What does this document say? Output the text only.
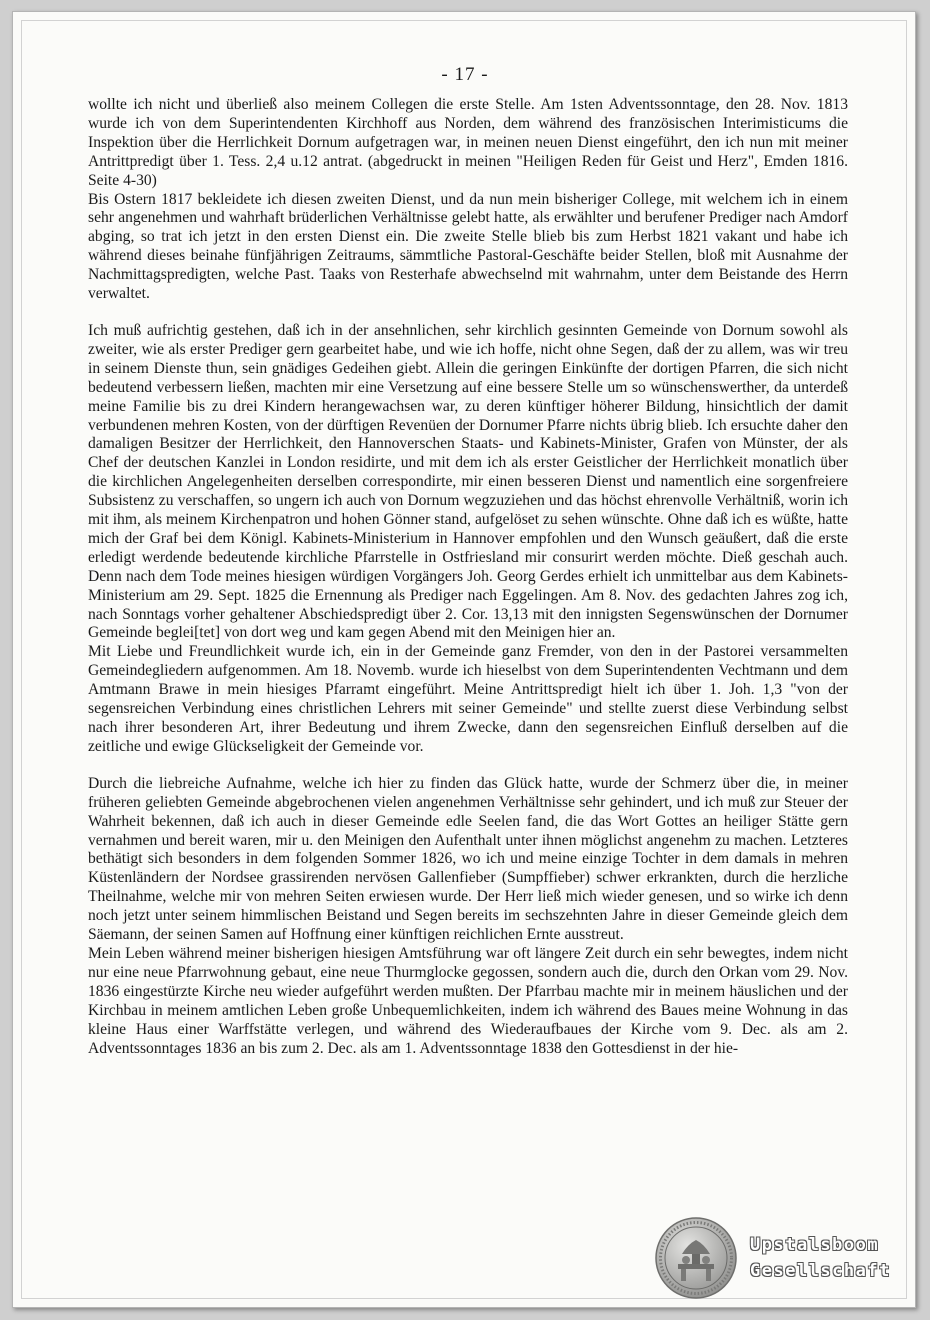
- 17 -

wollte ich nicht und überließ also meinem Collegen die erste Stelle. Am 1sten Adventssonntage, den 28. Nov. 1813 wurde ich von dem Superintendenten Kirchhoff aus Norden, dem während des französischen Interimisticums die Inspektion über die Herrlichkeit Dornum aufgetragen war, in meinen neuen Dienst eingeführt, den ich nun mit meiner Antrittpredigt über 1. Tess. 2,4 u.12 antrat. (abgedruckt in meinen "Heiligen Reden für Geist und Herz", Emden 1816. Seite 4-30)

Bis Ostern 1817 bekleidete ich diesen zweiten Dienst, und da nun mein bisheriger College, mit welchem ich in einem sehr angenehmen und wahrhaft brüderlichen Verhältnisse gelebt hatte, als erwählter und berufener Prediger nach Amdorf abging, so trat ich jetzt in den ersten Dienst ein. Die zweite Stelle blieb bis zum Herbst 1821 vakant und habe ich während dieses beinahe fünfjährigen Zeitraums, sämmtliche Pastoral-Geschäfte beider Stellen, bloß mit Ausnahme der Nachmittagspredigten, welche Past. Taaks von Resterhafe abwechselnd mit wahrnahm, unter dem Beistande des Herrn verwaltet.

Ich muß aufrichtig gestehen, daß ich in der ansehnlichen, sehr kirchlich gesinnten Gemeinde von Dornum sowohl als zweiter, wie als erster Prediger gern gearbeitet habe, und wie ich hoffe, nicht ohne Segen, daß der zu allem, was wir treu in seinem Dienste thun, sein gnädiges Gedeihen giebt. Allein die geringen Einkünfte der dortigen Pfarren, die sich nicht bedeutend verbessern ließen, machten mir eine Versetzung auf eine bessere Stelle um so wünschenswerther, da unterdeß meine Familie bis zu drei Kindern herangewachsen war, zu deren künftiger höherer Bildung, hinsichtlich der damit verbundenen mehren Kosten, von der dürftigen Revenüen der Dornumer Pfarre nichts übrig blieb. Ich ersuchte daher den damaligen Besitzer der Herrlichkeit, den Hannoverschen Staats- und Kabinets-Minister, Grafen von Münster, der als Chef der deutschen Kanzlei in London residirte, und mit dem ich als erster Geistlicher der Herrlichkeit monatlich über die kirchlichen Angelegenheiten derselben correspondirte, mir einen besseren Dienst und namentlich eine sorgenfreiere Subsistenz zu verschaffen, so ungern ich auch von Dornum wegzuziehen und das höchst ehrenvolle Verhältniß, worin ich mit ihm, als meinem Kirchenpatron und hohen Gönner stand, aufgelöset zu sehen wünschte. Ohne daß ich es wüßte, hatte mich der Graf bei dem Königl. Kabinets-Ministerium in Hannover empfohlen und den Wunsch geäußert, daß die erste erledigt werdende bedeutende kirchliche Pfarrstelle in Ostfriesland mir consurirt werden möchte. Dieß geschah auch. Denn nach dem Tode meines hiesigen würdigen Vorgängers Joh. Georg Gerdes erhielt ich unmittelbar aus dem Kabinets-Ministerium am 29. Sept. 1825 die Ernennung als Prediger nach Eggelingen. Am 8. Nov. des gedachten Jahres zog ich, nach Sonntags vorher gehaltener Abschiedspredigt über 2. Cor. 13,13 mit den innigsten Segenswünschen der Dornumer Gemeinde beglei[tet] von dort weg und kam gegen Abend mit den Meinigen hier an.

Mit Liebe und Freundlichkeit wurde ich, ein in der Gemeinde ganz Fremder, von den in der Pastorei versammelten Gemeindegliedern aufgenommen. Am 18. Novemb. wurde ich hieselbst von dem Superintendenten Vechtmann und dem Amtmann Brawe in mein hiesiges Pfarramt eingeführt. Meine Antrittspredigt hielt ich über 1. Joh. 1,3 "von der segensreichen Verbindung eines christlichen Lehrers mit seiner Gemeinde" und stellte zuerst diese Verbindung selbst nach ihrer besonderen Art, ihrer Bedeutung und ihrem Zwecke, dann den segensreichen Einfluß derselben auf die zeitliche und ewige Glückseligkeit der Gemeinde vor.

Durch die liebreiche Aufnahme, welche ich hier zu finden das Glück hatte, wurde der Schmerz über die, in meiner früheren geliebten Gemeinde abgebrochenen vielen angenehmen Verhältnisse sehr gehindert, und ich muß zur Steuer der Wahrheit bekennen, daß ich auch in dieser Gemeinde edle Seelen fand, die das Wort Gottes an heiliger Stätte gern vernahmen und bereit waren, mir u. den Meinigen den Aufenthalt unter ihnen möglichst angenehm zu machen. Letzteres bethätigt sich besonders in dem folgenden Sommer 1826, wo ich und meine einzige Tochter in dem damals in mehren Küstenländern der Nordsee grassirenden nervösen Gallenfieber (Sumpffieber) schwer erkrankten, durch die herzliche Theilnahme, welche mir von mehren Seiten erwiesen wurde. Der Herr ließ mich wieder genesen, und so wirke ich denn noch jetzt unter seinem himmlischen Beistand und Segen bereits im sechszehnten Jahre in dieser Gemeinde gleich dem Säemann, der seinen Samen auf Hoffnung einer künftigen reichlichen Ernte ausstreut.

Mein Leben während meiner bisherigen hiesigen Amtsführung war oft längere Zeit durch ein sehr bewegtes, indem nicht nur eine neue Pfarrwohnung gebaut, eine neue Thurmglocke gegossen, sondern auch die, durch den Orkan vom 29. Nov. 1836 eingestürzte Kirche neu wieder aufgeführt werden mußten. Der Pfarrbau machte mir in meinem häuslichen und der Kirchbau in meinem amtlichen Leben große Unbequemlichkeiten, indem ich während des Baues meine Wohnung in das kleine Haus einer Warffstätte verlegen, und während des Wiederaufbaues der Kirche vom 9. Dec. als am 2. Adventssonntages 1836 an bis zum 2. Dec. als am 1. Adventssonntage 1838 den Gottesdienst in der hie-

Upstalsboom
Gesellschaft
